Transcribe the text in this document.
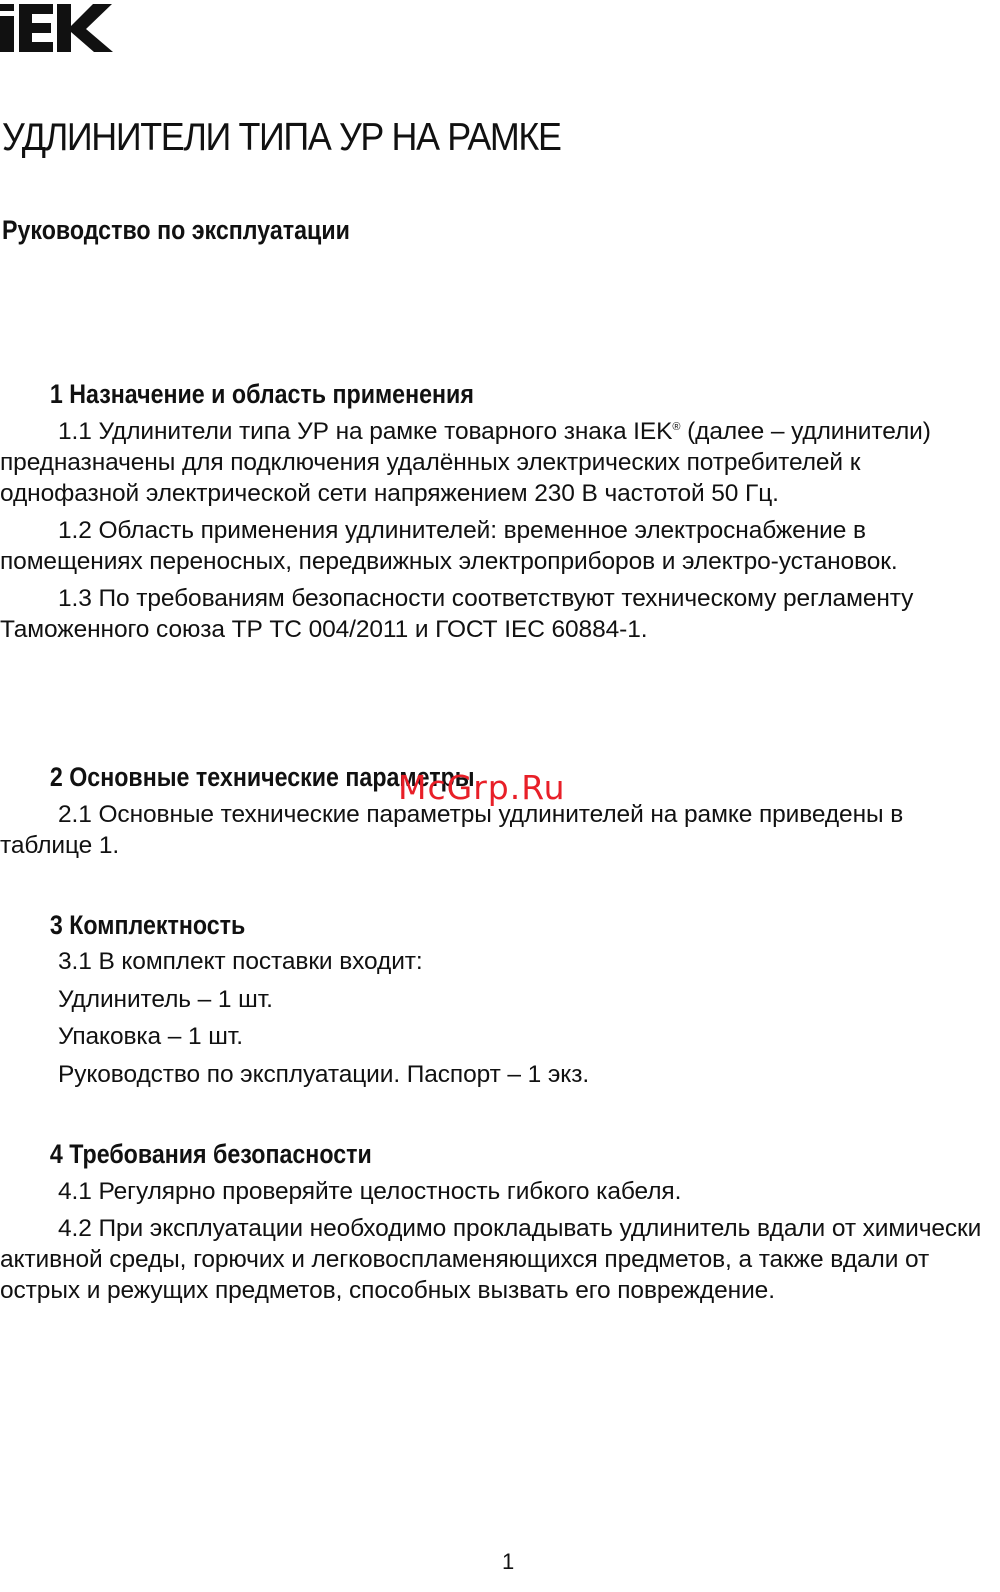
УДЛИНИТЕЛИ ТИПА УР НА РАМКЕ
Руководство по эксплуатации
1 Назначение и область применения

1.1 Удлинители типа УР на рамке товарного знака IEK® (далее – удлинители) предназначены для подключения удалённых электрических потребителей к однофазной электрической сети напряжением 230 В частотой 50 Гц.

1.2 Область применения удлинителей: временное электроснабжение в помещениях переносных, передвижных электроприборов и электро-установок.

1.3 По требованиям безопасности соответствуют техническому регламенту Таможенного союза ТР ТС 004/2011 и ГОСТ IEC 60884-1.

2 Основные технические параметры

2.1 Основные технические параметры удлинителей на рамке приведены в таблице 1.

3 Комплектность

3.1 В комплект поставки входит:

Удлинитель – 1 шт.

Упаковка – 1 шт.

Руководство по эксплуатации. Паспорт – 1 экз.

4 Требования безопасности

4.1 Регулярно проверяйте целостность гибкого кабеля.

4.2 При эксплуатации необходимо прокладывать удлинитель вдали от химически активной среды, горючих и легковоспламеняющихся предметов, а также вдали от острых и режущих предметов, способных вызвать его повреждение.

McGrp.Ru
1
